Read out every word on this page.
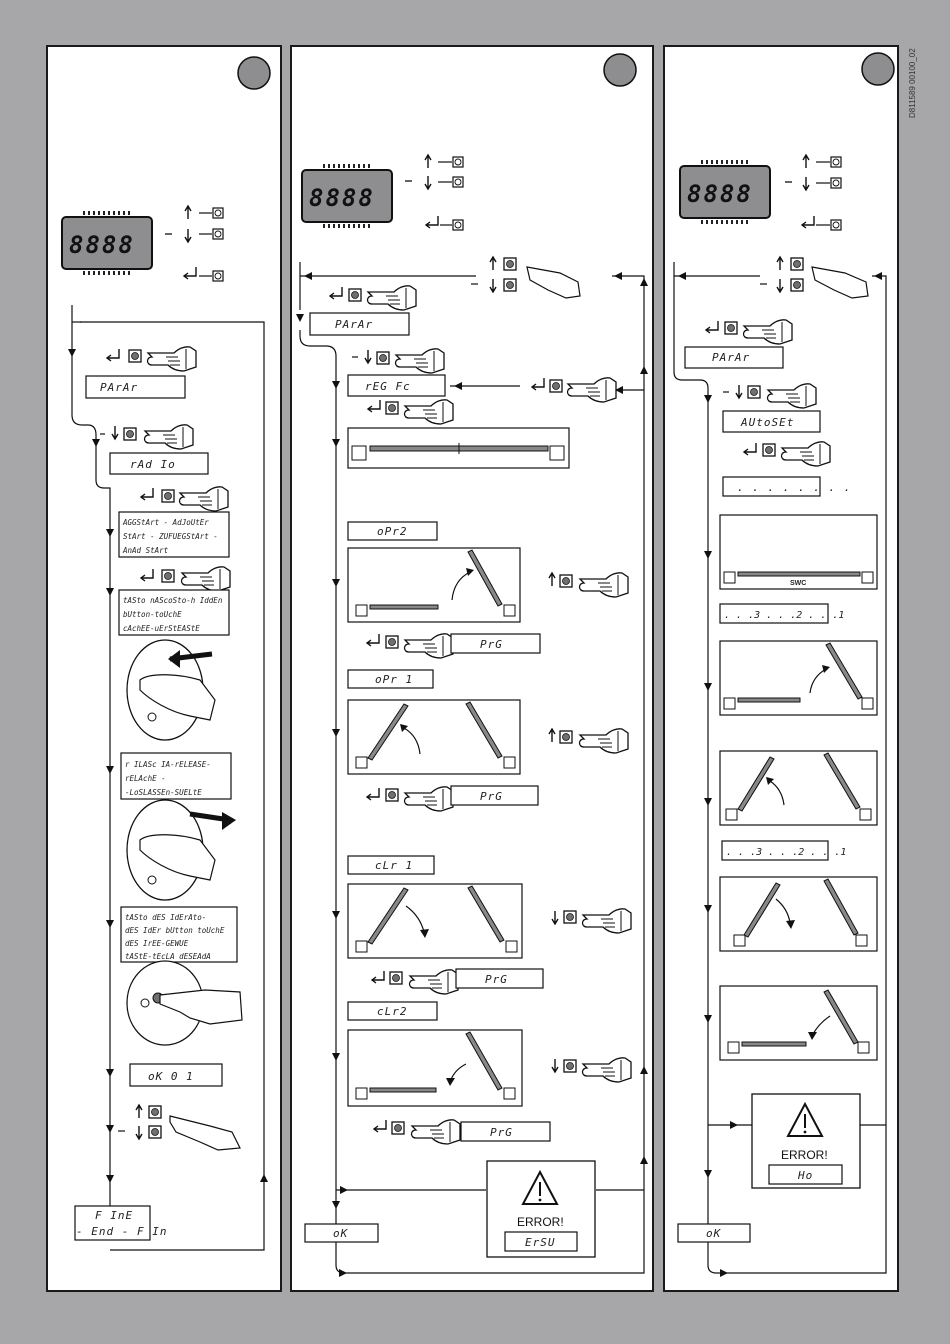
8888
PArAr
rAd Io
AGGStArt - AdJoUtEr
StArt - ZUFUEGStArt -
AnAd StArt
tASto nAScoSto-h IddEn
bUtton-toUchE
cAchEE-uErStEAStE
r ILASc IA-rELEASE-
rELAchE -
-LoSLASSEn-SUELtE
tASto dES IdErAto-
dES IdEr bUtton toUchE
dES IrEE-GEWUE
tAStE-tEcLA dESEAdA
oK 0 1
F InE
- End - F In
8888
PArAr
rEG Fc
oPr2
PrG
oPr 1
PrG
cLr 1
PrG
cLr2
PrG
ERROR!
ErSU
oK
D811589 00100_02
8888
PArAr
AUtoSEt
. . . . . . . .
SWC
. . .3 . . .2 . . .1
. . .3 . . .2 . . .1
ERROR!
Ho
oK
